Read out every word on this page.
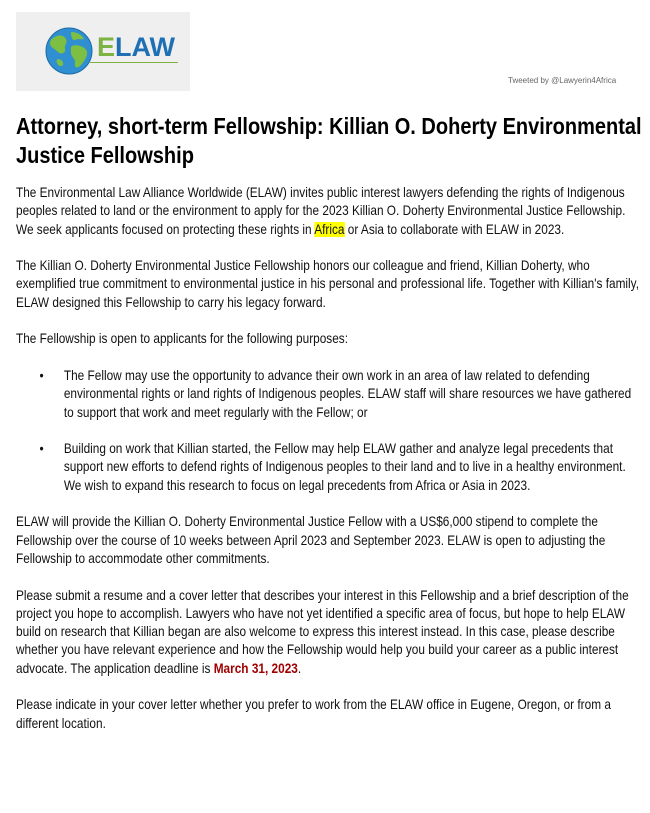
ELAW
Tweeted by @Lawyerin4Africa
Attorney, short-term Fellowship: Killian O. Doherty Environmental Justice Fellowship

The Environmental Law Alliance Worldwide (ELAW) invites public interest lawyers defending the rights of Indigenous peoples related to land or the environment to apply for the 2023 Killian O. Doherty Environmental Justice Fellowship. We seek applicants focused on protecting these rights in Africa or Asia to collaborate with ELAW in 2023.

The Killian O. Doherty Environmental Justice Fellowship honors our colleague and friend, Killian Doherty, who exemplified true commitment to environmental justice in his personal and professional life. Together with Killian's family, ELAW designed this Fellowship to carry his legacy forward.

The Fellowship is open to applicants for the following purposes:

• The Fellow may use the opportunity to advance their own work in an area of law related to defending environmental rights or land rights of Indigenous peoples. ELAW staff will share resources we have gathered to support that work and meet regularly with the Fellow; or
• Building on work that Killian started, the Fellow may help ELAW gather and analyze legal precedents that support new efforts to defend rights of Indigenous peoples to their land and to live in a healthy environment. We wish to expand this research to focus on legal precedents from Africa or Asia in 2023.

ELAW will provide the Killian O. Doherty Environmental Justice Fellow with a US$6,000 stipend to complete the Fellowship over the course of 10 weeks between April 2023 and September 2023. ELAW is open to adjusting the Fellowship to accommodate other commitments.

Please submit a resume and a cover letter that describes your interest in this Fellowship and a brief description of the project you hope to accomplish. Lawyers who have not yet identified a specific area of focus, but hope to help ELAW build on research that Killian began are also welcome to express this interest instead. In this case, please describe whether you have relevant experience and how the Fellowship would help you build your career as a public interest advocate. The application deadline is March 31, 2023.

Please indicate in your cover letter whether you prefer to work from the ELAW office in Eugene, Oregon, or from a different location.
